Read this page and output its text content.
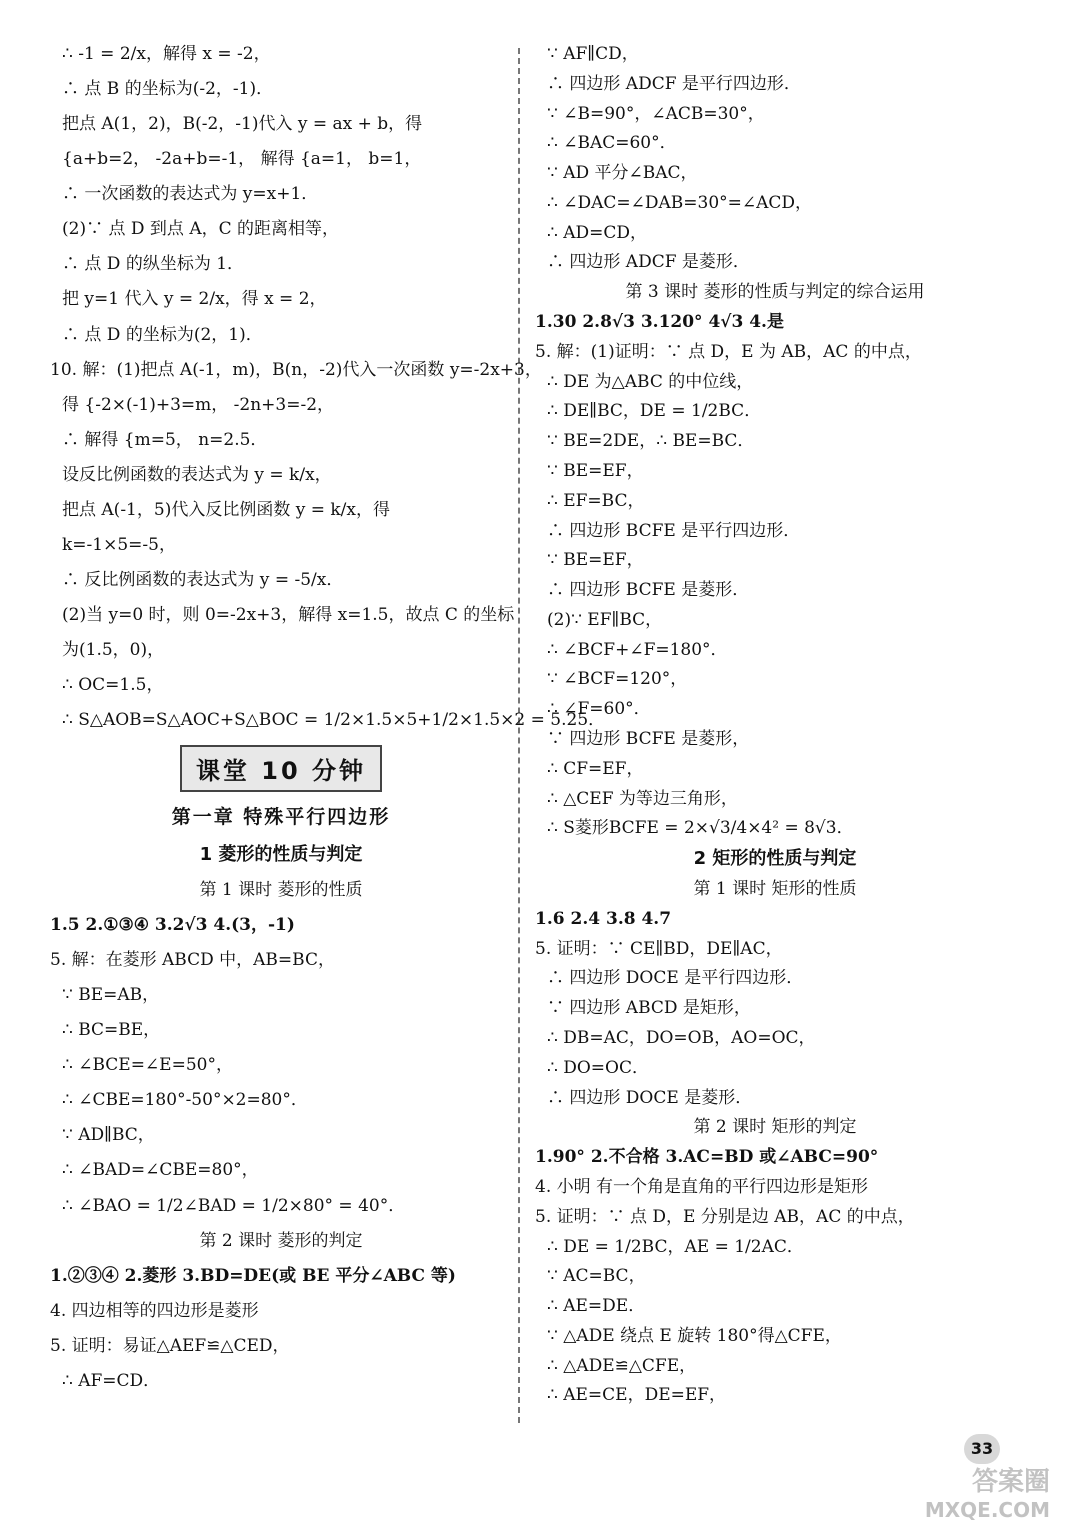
∴ -1 = 2/x，解得 x = -2，

∴ 点 B 的坐标为(-2，-1)．

把点 A(1，2)，B(-2，-1)代入 y = ax + b，得

{a+b=2， -2a+b=-1， 解得 {a=1， b=1，

∴ 一次函数的表达式为 y=x+1．

(2)∵ 点 D 到点 A，C 的距离相等，

∴ 点 D 的纵坐标为 1．

把 y=1 代入 y = 2/x，得 x = 2，

∴ 点 D 的坐标为(2，1)．

10. 解：(1)把点 A(-1，m)，B(n，-2)代入一次函数 y=-2x+3，

得 {-2×(-1)+3=m， -2n+3=-2，

∴ 解得 {m=5， n=2.5．

设反比例函数的表达式为 y = k/x，

把点 A(-1，5)代入反比例函数 y = k/x，得

k=-1×5=-5，

∴ 反比例函数的表达式为 y = -5/x．

(2)当 y=0 时，则 0=-2x+3，解得 x=1.5，故点 C 的坐标

为(1.5，0)，

∴ OC=1.5，

∴ S△AOB=S△AOC+S△BOC = 1/2×1.5×5+1/2×1.5×2 = 5.25．

课堂 10 分钟

第一章 特殊平行四边形

1 菱形的性质与判定

第 1 课时 菱形的性质

1.5 2.①③④ 3.2√3 4.(3，-1)

5. 解：在菱形 ABCD 中，AB=BC，

∵ BE=AB，

∴ BC=BE，

∴ ∠BCE=∠E=50°，

∴ ∠CBE=180°-50°×2=80°．

∵ AD∥BC，

∴ ∠BAD=∠CBE=80°，

∴ ∠BAO = 1/2∠BAD = 1/2×80° = 40°．

第 2 课时 菱形的判定

1.②③④ 2.菱形 3.BD=DE(或 BE 平分∠ABC 等)

4. 四边相等的四边形是菱形

5. 证明：易证△AEF≌△CED，

∴ AF=CD．

∵ AF∥CD，

∴ 四边形 ADCF 是平行四边形．

∵ ∠B=90°，∠ACB=30°，

∴ ∠BAC=60°．

∵ AD 平分∠BAC，

∴ ∠DAC=∠DAB=30°=∠ACD，

∴ AD=CD，

∴ 四边形 ADCF 是菱形．

第 3 课时 菱形的性质与判定的综合运用

1.30 2.8√3 3.120° 4√3 4.是

5. 解：(1)证明：∵ 点 D，E 为 AB，AC 的中点，

∴ DE 为△ABC 的中位线，

∴ DE∥BC，DE = 1/2BC．

∵ BE=2DE，∴ BE=BC．

∵ BE=EF，

∴ EF=BC，

∴ 四边形 BCFE 是平行四边形．

∵ BE=EF，

∴ 四边形 BCFE 是菱形．

(2)∵ EF∥BC，

∴ ∠BCF+∠F=180°．

∵ ∠BCF=120°，

∴ ∠F=60°．

∵ 四边形 BCFE 是菱形，

∴ CF=EF，

∴ △CEF 为等边三角形，

∴ S菱形BCFE = 2×√3/4×4² = 8√3．

2 矩形的性质与判定

第 1 课时 矩形的性质

1.6 2.4 3.8 4.7

5. 证明：∵ CE∥BD，DE∥AC，

∴ 四边形 DOCE 是平行四边形．

∵ 四边形 ABCD 是矩形，

∴ DB=AC，DO=OB，AO=OC，

∴ DO=OC．

∴ 四边形 DOCE 是菱形．

第 2 课时 矩形的判定

1.90° 2.不合格 3.AC=BD 或∠ABC=90°

4. 小明 有一个角是直角的平行四边形是矩形

5. 证明：∵ 点 D，E 分别是边 AB，AC 的中点，

∴ DE = 1/2BC，AE = 1/2AC．

∵ AC=BC，

∴ AE=DE．

∵ △ADE 绕点 E 旋转 180°得△CFE，

∴ △ADE≌△CFE，

∴ AE=CE，DE=EF，

33
答案圈
MXQE.COM
